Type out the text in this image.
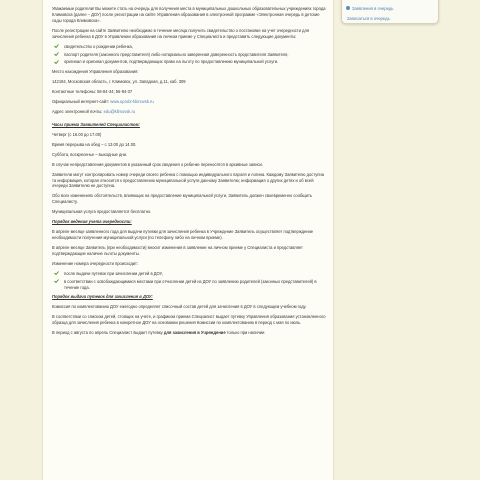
Заявления в очередь
Записаться в очередь

Уважаемые родители! Вы можете стать на очередь для получения места в муниципальных дошкольных образовательных учреждениях города Климовска (далее – ДОУ) после регистрации на сайте Управления образования в электронной программе «Электронная очередь в детские сады города Климовска».

После регистрации на сайте Заявителю необходимо в течение месяца получить свидетельство о постановке на учет очередности для зачисления ребенка в ДОУ в Управлении образования на личном приеме у Специалиста и представить следующие документы:

свидетельство о рождении ребенка,
паспорт родителя (законного представителя) либо нотариально заверенная доверенность представителя Заявителя,
оригинал и оригинал документов, подтверждающих право на льготу по предоставлению муниципальной услуги.

Место нахождения Управления образования:

142184, Московская область, г. Климовск, ул. Западная, д.11, каб. 309

Контактные телефоны: 56-84-34; 56-84-37

Официальный интернет-сайт: www.uprobr-klimovsk.ru

Адрес электронной почты: edu@klimovsk.ru

Часы приема Заявителей Специалистом:

Четверг (с 16.00 до 17.00)

Время перерыва на обед – с 13.00 до 14.00.

Суббота, воскресенье – выходные дни.

В случае непредставления документов в указанный срок сведения о ребенке переносятся в архивные записи.

Заявители могут контролировать номер очереди своего ребенка с помощью индивидуального пароля и логина. Каждому Заявителю доступна та информация, которая относится к предоставлению муниципальной услуги данному Заявителю; информация о других детях и об всей очереди Заявителю не доступна.

Обо всех изменениях обстоятельств, влияющих на предоставление муниципальной услуги, Заявитель должен своевременно сообщить Специалисту.

Муниципальная услуга предоставляется бесплатно.

Порядок ведения учета очередности:

В апреле месяце заявленного года для выдачи путевки для зачисления ребенка в Учреждение Заявитель осуществляет подтверждение необходимости получения муниципальной услуги (по телефону либо на личном приеме).

В апреле месяце Заявитель (при необходимости) вносит изменения в заявление на личном приеме у Специалиста и представляет подтверждающие наличие льготы документы.

Изменение номера очередности происходит:

после выдачи путевок при зачислении детей в ДОУ,
в соответствии с освобождающимися местами при отчислении детей из ДОУ по заявлению родителей (законных представителей) в течение года.

Порядок выдачи путевок для зачисления в ДОУ:

Комиссия по комплектованию ДОУ ежегодно определяет списочный состав детей для зачисления в ДОУ в следующем учебном году.

В соответствии со списком детей, стоящих на учете, и графиком приема Специалист выдает путевку Управления образования установленного образца для зачисления ребенка в конкретное ДОУ на основании решения Комиссии по комплектованию в период с мая по июль.

В период с августа по апрель Специалист выдает путевку для зачисления в Учреждение только при наличии
